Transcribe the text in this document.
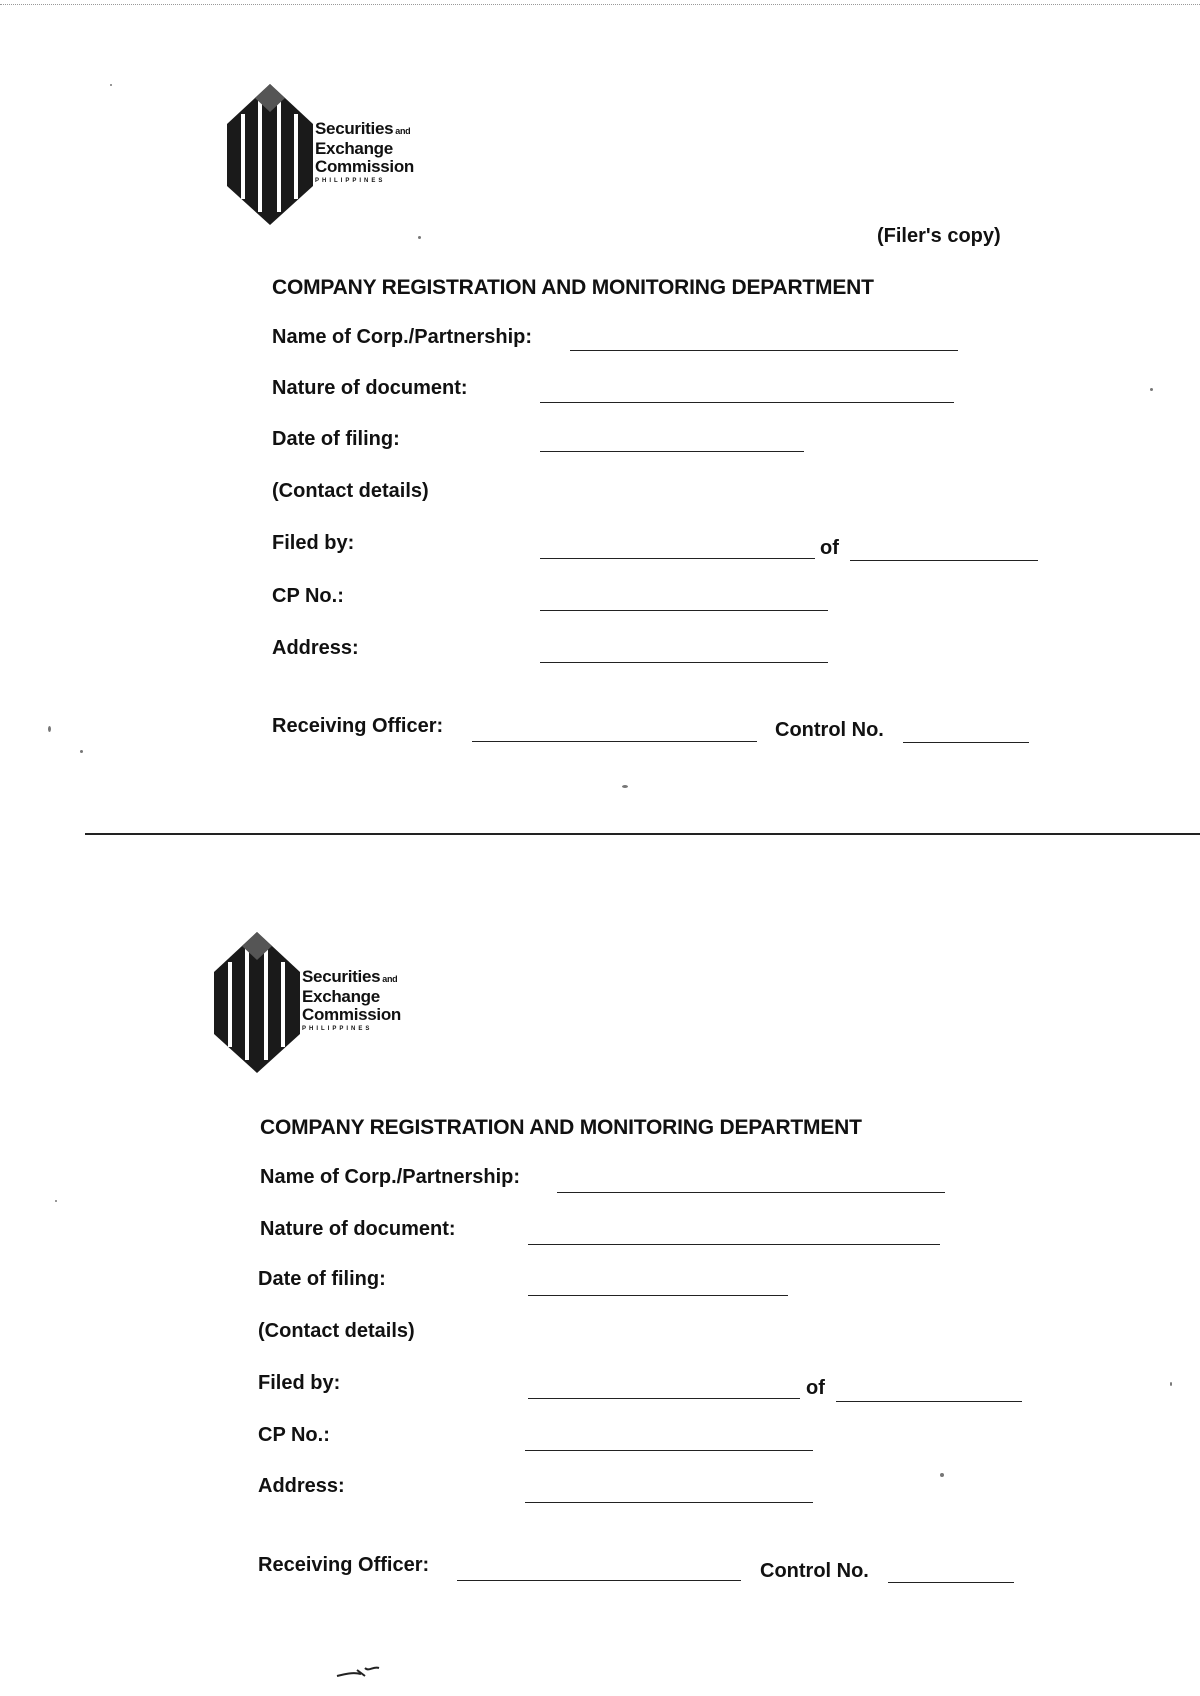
Securities and
Exchange
Commission
PHILIPPINES
(Filer's copy)
COMPANY REGISTRATION AND MONITORING DEPARTMENT
Name of Corp./Partnership:
Nature of document:
Date of filing:
(Contact details)
Filed by:	of
CP No.:
Address:
Receiving Officer:	Control No.
Securities and
Exchange
Commission
PHILIPPINES
COMPANY REGISTRATION AND MONITORING DEPARTMENT
Name of Corp./Partnership:
Nature of document:
Date of filing:
(Contact details)
Filed by:	of
CP No.:
Address:
Receiving Officer:	Control No.
